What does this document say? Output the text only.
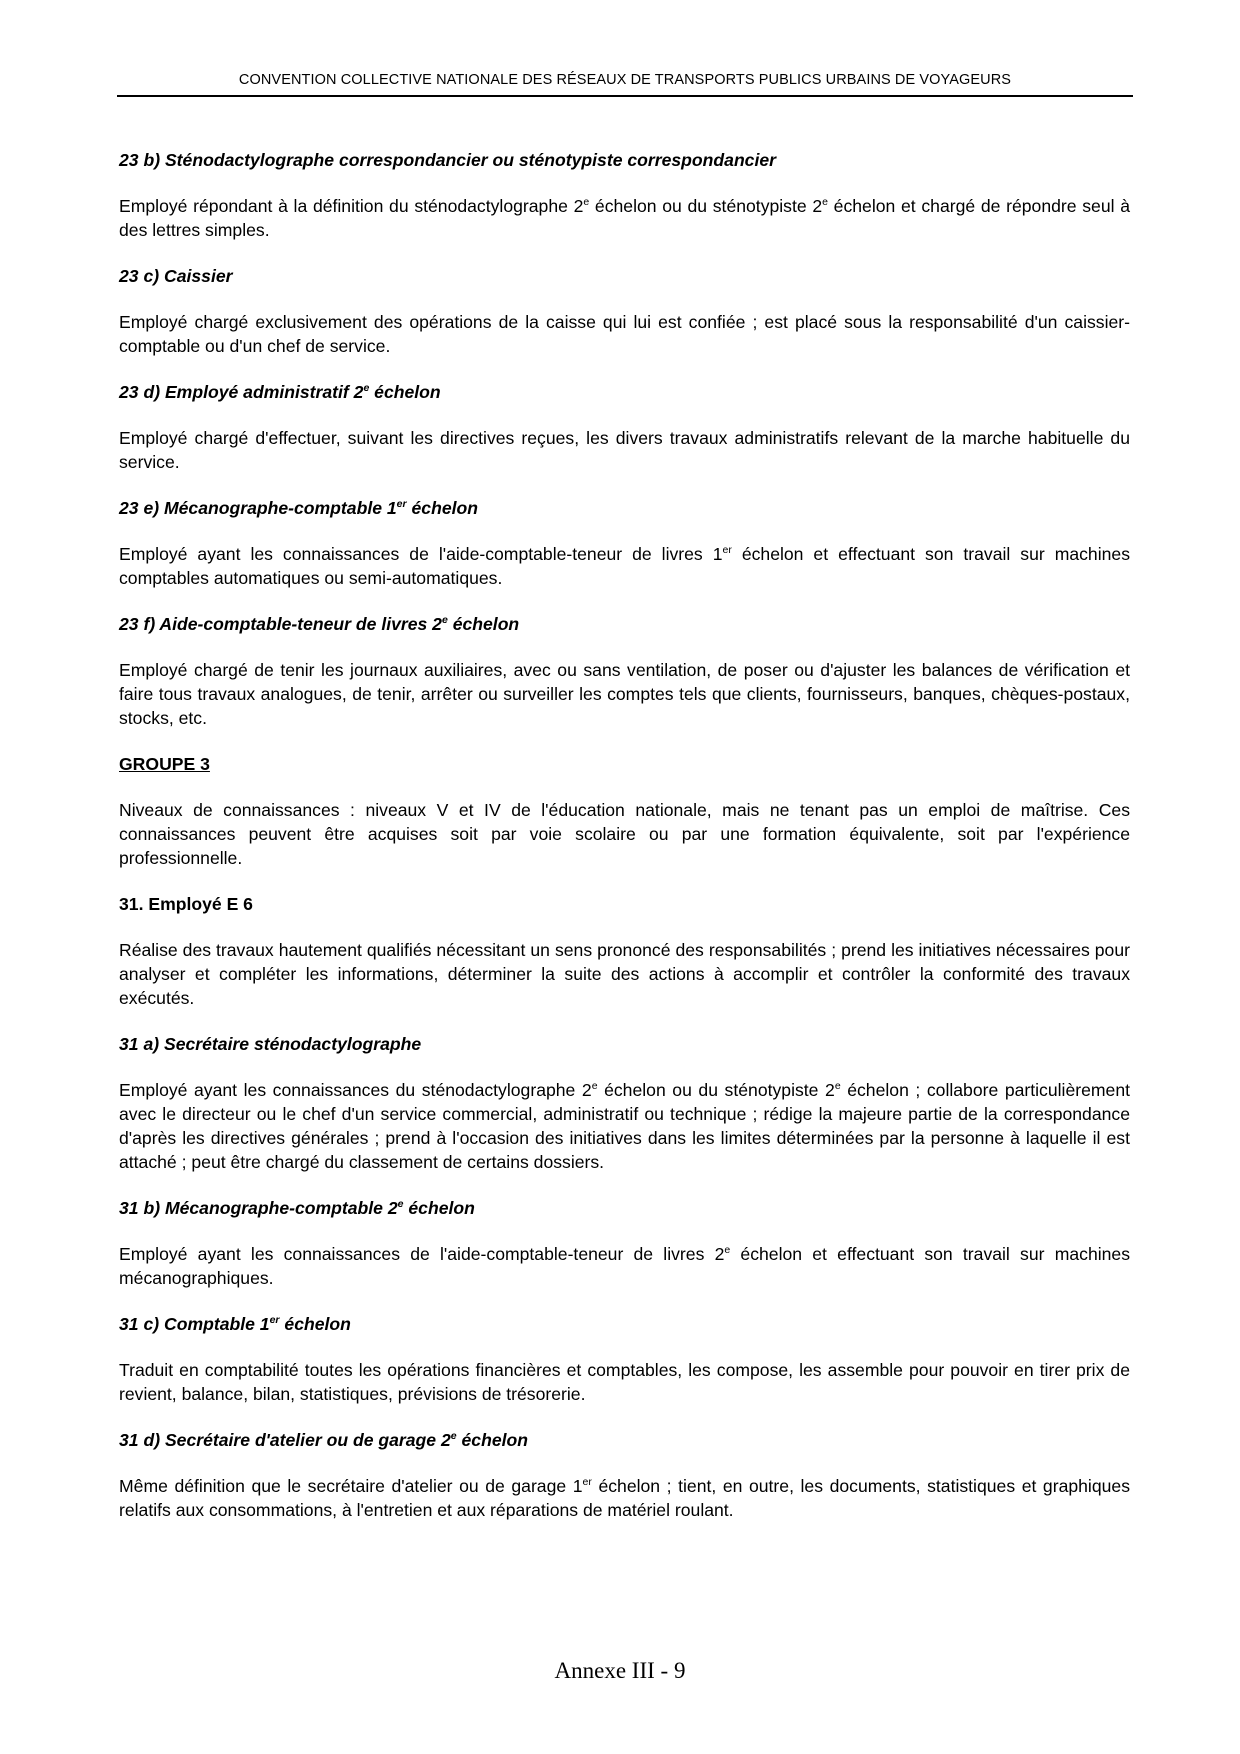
CONVENTION COLLECTIVE NATIONALE DES RÉSEAUX DE TRANSPORTS PUBLICS URBAINS DE VOYAGEURS

23 b) Sténodactylographe correspondancier ou sténotypiste correspondancier

Employé répondant à la définition du sténodactylographe 2e échelon ou du sténotypiste 2e échelon et chargé de répondre seul à des lettres simples.

23 c) Caissier

Employé chargé exclusivement des opérations de la caisse qui lui est confiée ; est placé sous la responsabilité d'un caissier-comptable ou d'un chef de service.

23 d) Employé administratif 2e échelon

Employé chargé d'effectuer, suivant les directives reçues, les divers travaux administratifs relevant de la marche habituelle du service.

23 e) Mécanographe-comptable 1er échelon

Employé ayant les connaissances de l'aide-comptable-teneur de livres 1er échelon et effectuant son travail sur machines comptables automatiques ou semi-automatiques.

23 f) Aide-comptable-teneur de livres 2e échelon

Employé chargé de tenir les journaux auxiliaires, avec ou sans ventilation, de poser ou d'ajuster les balances de vérification et faire tous travaux analogues, de tenir, arrêter ou surveiller les comptes tels que clients, fournisseurs, banques, chèques-postaux, stocks, etc.

GROUPE 3

Niveaux de connaissances : niveaux V et IV de l'éducation nationale, mais ne tenant pas un emploi de maîtrise. Ces connaissances peuvent être acquises soit par voie scolaire ou par une formation équivalente, soit par l'expérience professionnelle.

31. Employé E 6

Réalise des travaux hautement qualifiés nécessitant un sens prononcé des responsabilités ; prend les initiatives nécessaires pour analyser et compléter les informations, déterminer la suite des actions à accomplir et contrôler la conformité des travaux exécutés.

31 a) Secrétaire sténodactylographe

Employé ayant les connaissances du sténodactylographe 2e échelon ou du sténotypiste 2e échelon ; collabore particulièrement avec le directeur ou le chef d'un service commercial, administratif ou technique ; rédige la majeure partie de la correspondance d'après les directives générales ; prend à l'occasion des initiatives dans les limites déterminées par la personne à laquelle il est attaché ; peut être chargé du classement de certains dossiers.

31 b) Mécanographe-comptable 2e échelon

Employé ayant les connaissances de l'aide-comptable-teneur de livres 2e échelon et effectuant son travail sur machines mécanographiques.

31 c) Comptable 1er échelon

Traduit en comptabilité toutes les opérations financières et comptables, les compose, les assemble pour pouvoir en tirer prix de revient, balance, bilan, statistiques, prévisions de trésorerie.

31 d) Secrétaire d'atelier ou de garage 2e échelon

Même définition que le secrétaire d'atelier ou de garage 1er échelon ; tient, en outre, les documents, statistiques et graphiques relatifs aux consommations, à l'entretien et aux réparations de matériel roulant.

Annexe III - 9
